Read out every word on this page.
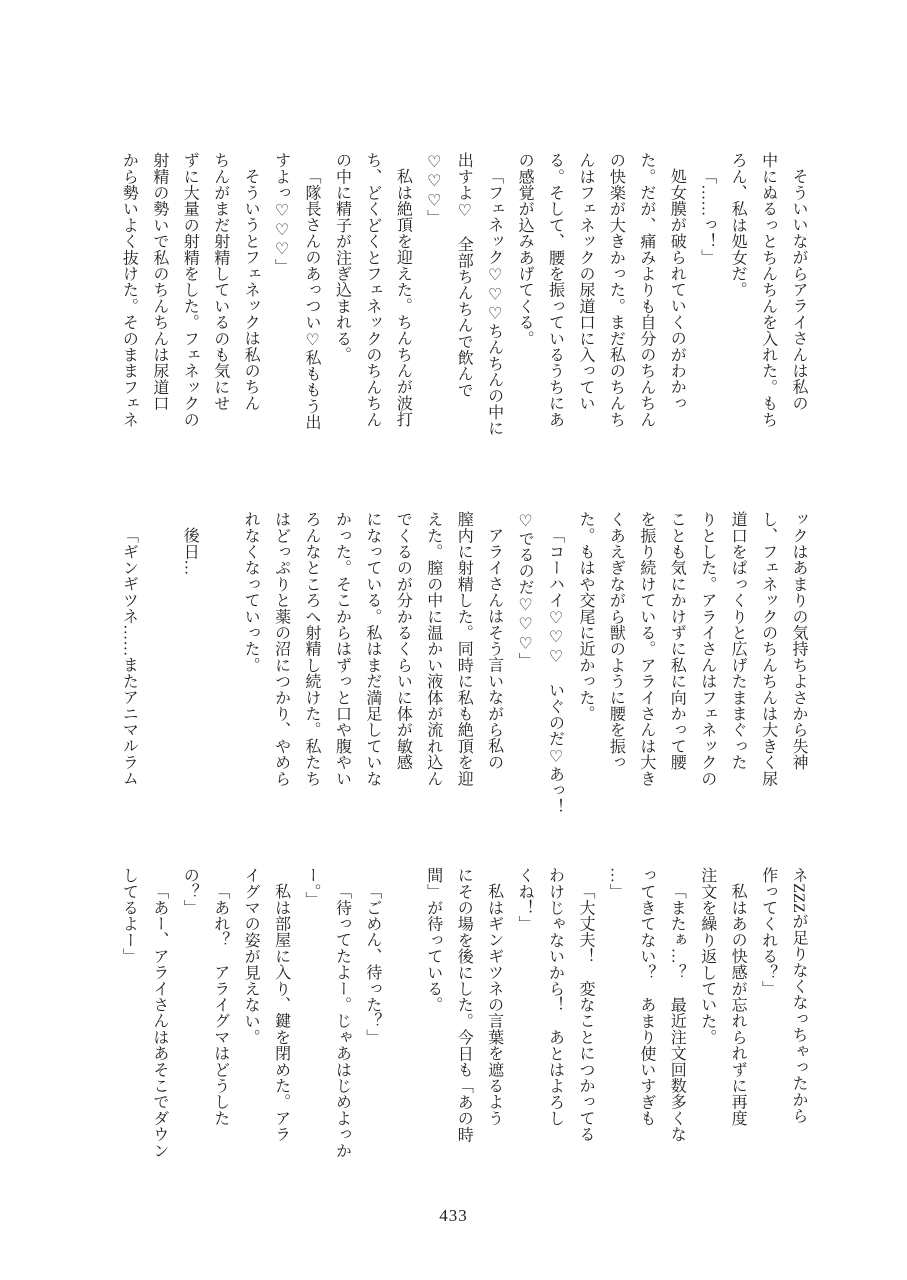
そういいながらアライさんは私の
中にぬるっとちんちんを入れた。もち
ろん、私は処女だ。
「……っ！」
処女膜が破られていくのがわかっ
た。だが、痛みよりも自分のちんちん
の快楽が大きかった。まだ私のちんち
んはフェネックの尿道口に入ってい
る。そして、腰を振っているうちにあ
の感覚が込みあげてくる。
「フェネック♡♡♡ちんちんの中に
出すよ♡　全部ちんちんで飲んで
♡♡♡」
私は絶頂を迎えた。ちんちんが波打
ち、どくどくとフェネックのちんちん
の中に精子が注ぎ込まれる。
「隊長さんのあっつい♡私ももう出
すよっ♡♡♡」
そういうとフェネックは私のちん
ちんがまだ射精しているのも気にせ
ずに大量の射精をした。フェネックの
射精の勢いで私のちんちんは尿道口
から勢いよく抜けた。そのままフェネ
ックはあまりの気持ちよさから失神
し、フェネックのちんちんは大きく尿
道口をぱっくりと広げたままぐった
りとした。アライさんはフェネックの
ことも気にかけずに私に向かって腰
を振り続けている。アライさんは大き
くあえぎながら獣のように腰を振っ
た。もはや交尾に近かった。
「コーハイ♡♡♡　いぐのだ♡あっ！
♡でるのだ♡♡♡」
アライさんはそう言いながら私の
膣内に射精した。同時に私も絶頂を迎
えた。膣の中に温かい液体が流れ込ん
でくるのが分かるくらいに体が敏感
になっている。私はまだ満足していな
かった。そこからはずっと口や腹やい
ろんなところへ射精し続けた。私たち
はどっぷりと薬の沼につかり、やめら
れなくなっていった。

後日…

「ギンギツネ……またアニマルラム
ネZZZが足りなくなっちゃったから
作ってくれる？」
私はあの快感が忘れられずに再度
注文を繰り返していた。
「またぁ…？　最近注文回数多くな
ってきてない？　あまり使いすぎも
…」
「大丈夫！　変なことにつかってる
わけじゃないから！　あとはよろし
くね！」
私はギンギツネの言葉を遮るよう
にその場を後にした。今日も「あの時
間」が待っている。

「ごめん、待った？」
「待ってたよー。じゃあはじめよっか
ー。」
私は部屋に入り、鍵を閉めた。アラ
イグマの姿が見えない。
「あれ？　アライグマはどうした
の？」
「あー、アライさんはあそこでダウン
してるよー」
433
